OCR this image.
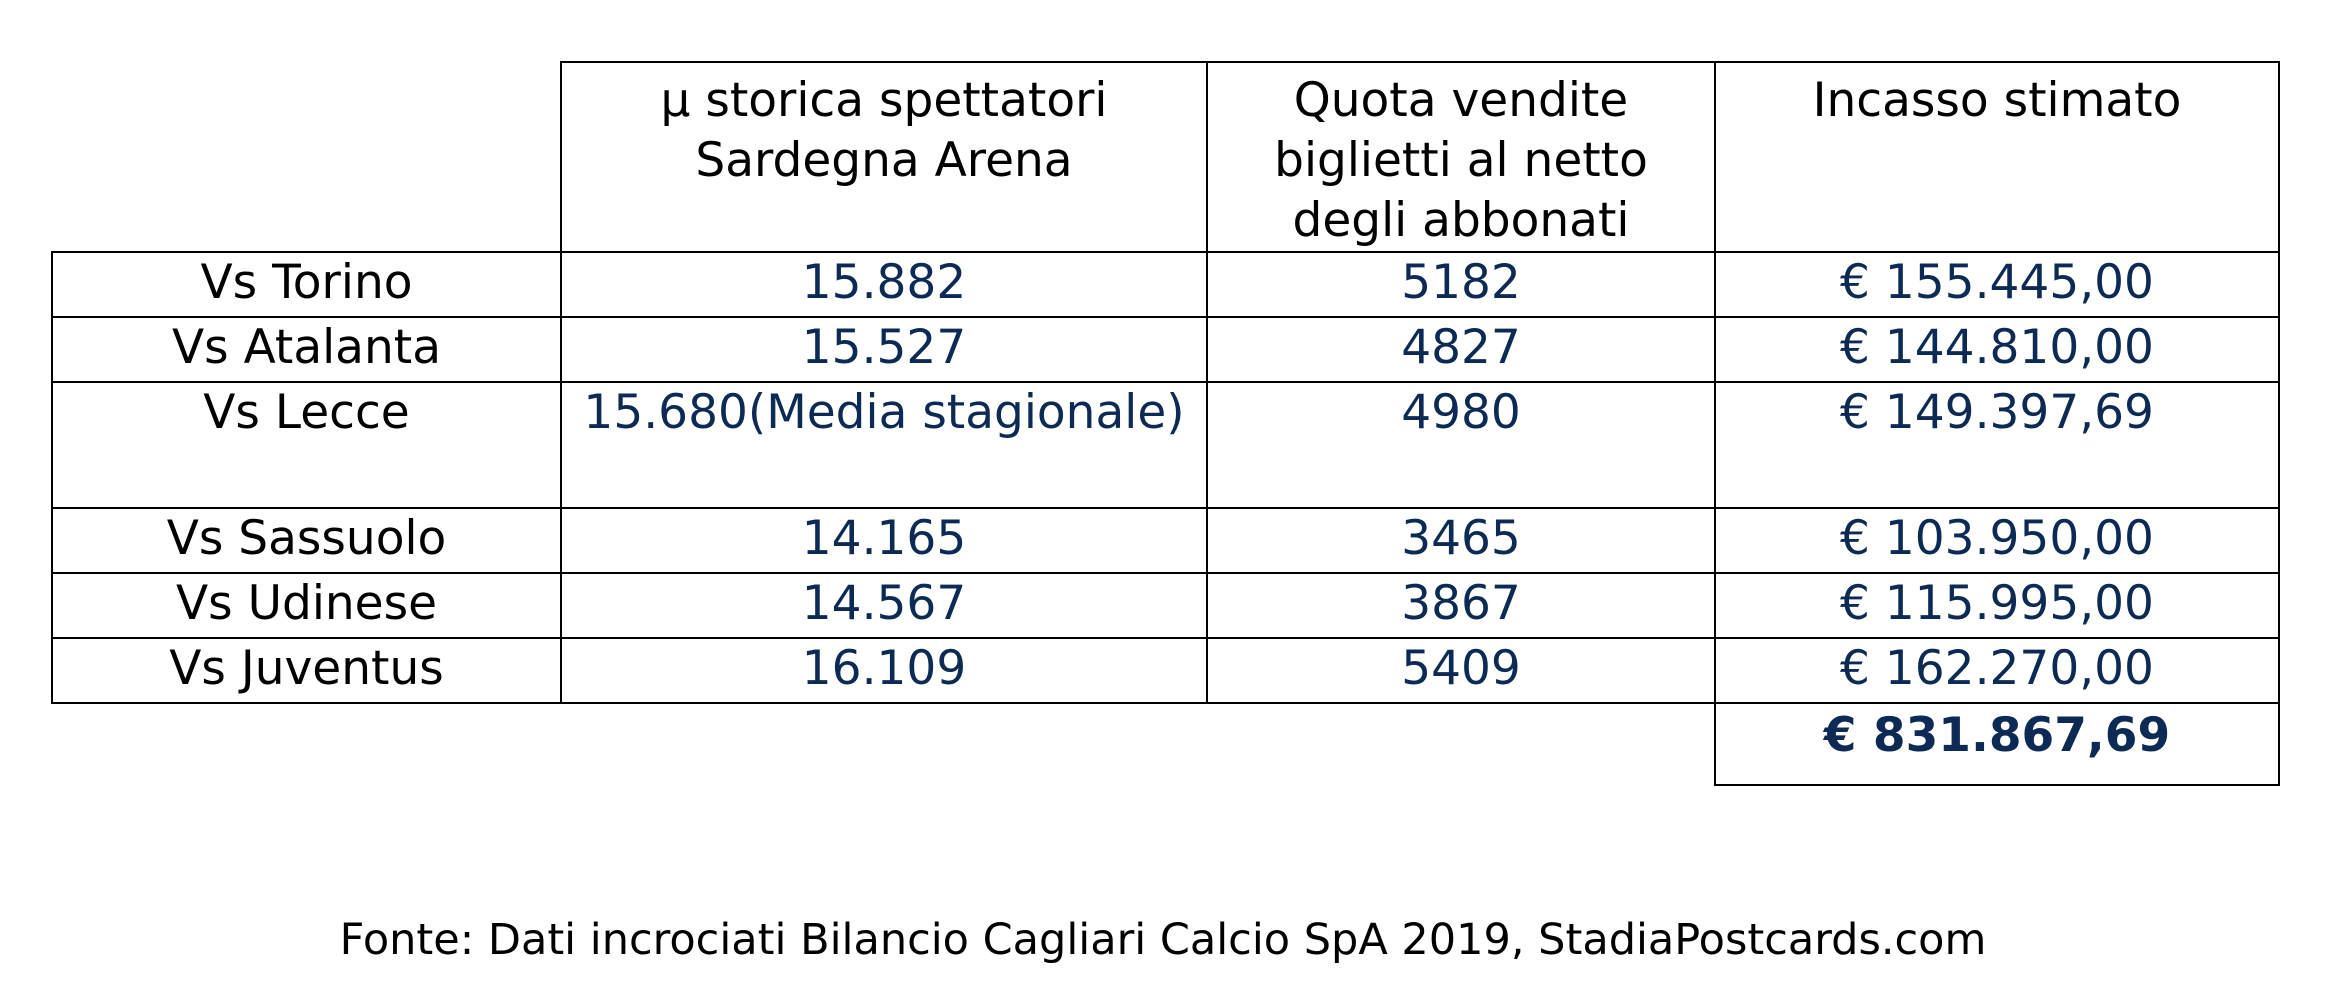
	µ storica spettatori Sardegna Arena	Quota vendite biglietti al netto degli abbonati	Incasso stimato
Vs Torino	15.882	5182	€ 155.445,00
Vs Atalanta	15.527	4827	€ 144.810,00
Vs Lecce	15.680(Media stagionale)	4980	€ 149.397,69
Vs Sassuolo	14.165	3465	€ 103.950,00
Vs Udinese	14.567	3867	€ 115.995,00
Vs Juventus	16.109	5409	€ 162.270,00
			€ 831.867,69
Fonte: Dati incrociati Bilancio Cagliari Calcio SpA 2019, StadiaPostcards.com
